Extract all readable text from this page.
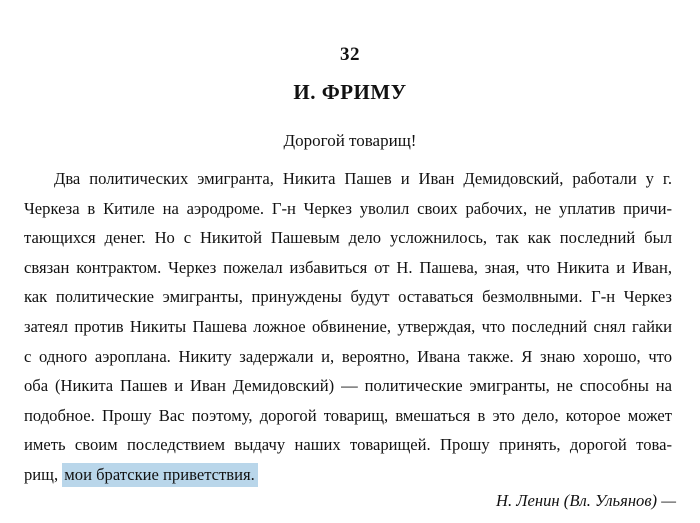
32
И. ФРИМУ
Дорогой товарищ!
Два политических эмигранта, Никита Пашев и Иван Демидовский, работали у г.
Черкеза в Китиле на аэродроме. Г-н Черкез уволил своих рабочих, не уплатив причи-
тающихся денег. Но с Никитой Пашевым дело усложнилось, так как последний был
связан контрактом. Черкез пожелал избавиться от Н. Пашева, зная, что Никита и Иван,
как политические эмигранты, принуждены будут оставаться безмолвными. Г-н Черкез
затеял против Никиты Пашева ложное обвинение, утверждая, что последний снял гайки
с одного аэроплана. Никиту задержали и, вероятно, Ивана также. Я знаю хорошо, что
оба (Никита Пашев и Иван Демидовский) — политические эмигранты, не способны на
подобное. Прошу Вас поэтому, дорогой товарищ, вмешаться в это дело, которое может
иметь своим последствием выдачу наших товарищей. Прошу принять, дорогой това-
рищ, мои братские приветствия.
Н. Ленин (Вл. Ульянов) —
